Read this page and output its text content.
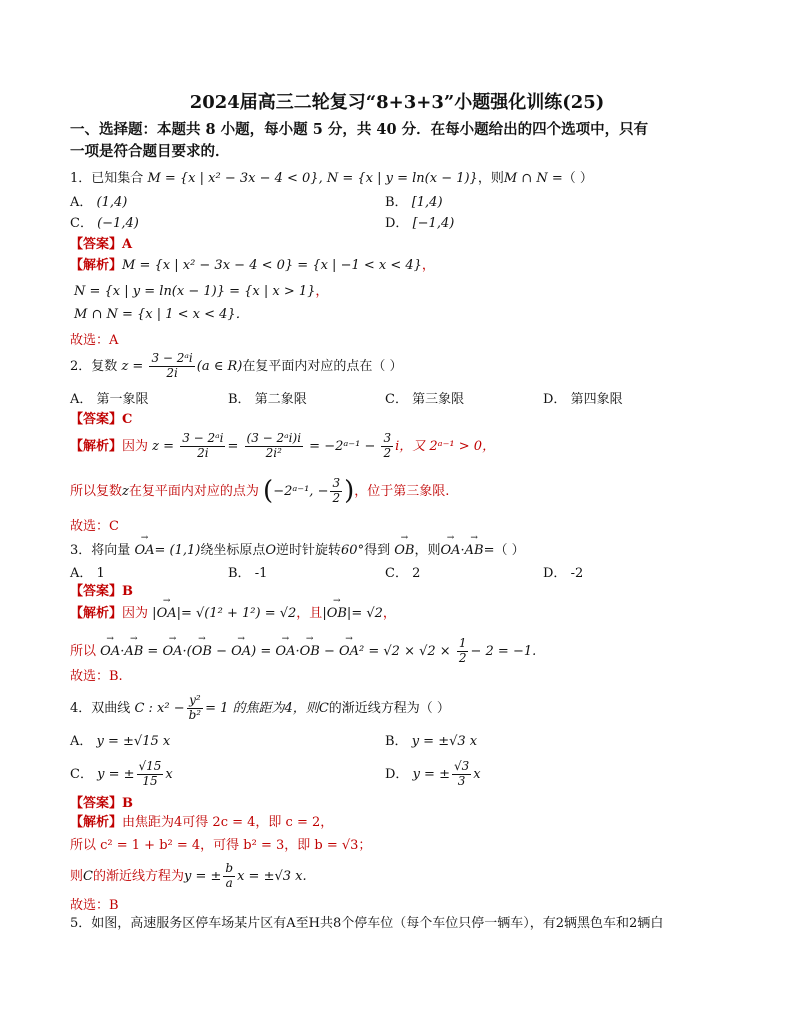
2024届高三二轮复习“8+3+3”小题强化训练(25)
一、选择题：本题共 8 小题，每小题 5 分，共 40 分．在每小题给出的四个选项中，只有
一项是符合题目要求的．
1．已知集合 M = {x | x² − 3x − 4 < 0}, N = {x | y = ln(x − 1)}，则M ∩ N =（ ）
A． (1,4)	B． [1,4)
C． (−1,4)	D． [−1,4)
【答案】A
【解析】M = {x | x² − 3x − 4 < 0} = {x | −1 < x < 4}，
N = {x | y = ln(x − 1)} = {x | x > 1}，
M ∩ N = {x | 1 < x < 4}．
故选：A
2．复数 $z = \frac{\text{3 − 2ᵃi}}{2i} (a$ ∈ R)在复平面内对应的点在（ ）
A． 第一象限	B． 第二象限	C． 第三象限	D． 第四象限
【答案】C
【解析】因为 $z = \frac{\text{3 − 2ᵃi}}{2i} = \frac{\text{(3 − 2ᵃi)i}}{\text{2i²}}$ = −2ᵃ⁻¹ − $\frac{3}{2}$ i，又 2ᵃ⁻¹ > 0，
所以复数z在复平面内对应的点为 (−2ᵃ⁻¹, − $\frac{3}{2}$ )，位于第三象限.
故选：C
3．将向量 → OA= (1,1)绕坐标原点O逆时针旋转60°得到 → OB，则→ OA·→ AB=（ ）
A． 1	B． -1	C． 2	D． -2
【答案】B
【解析】因为 |→ OA|= √(1² + 1²) = √2，且|→ OB|= √2，
所以 → OA·→ AB = → OA·(→ OB − → OA) = → OA·→ OB − → $OA^2 = √2 \times √2 \times \frac{1}{2} - 2 = -1$.
故选：B.
4．双曲线 C : $x^2 - \frac{\text{y²}}{\text{b²}} = 1$ 的焦距为4，则C的渐近线方程为（ ）
A． y = ±√15 x	B． y = ±√3 x
C． y = ± $\frac{√15}{15}$ x	D． y = ± $\frac{√3}{3}$ x
【答案】B
【解析】由焦距为4可得 2c = 4，即 c = 2，
所以 c² = 1 + b² = 4，可得 b² = 3，即 b = √3；
则C的渐近线方程为y = ± $\frac{b}{a}$ x = ±√3 x.
故选：B
5．如图，高速服务区停车场某片区有A至H共8个停车位（每个车位只停一辆车），有2辆黑色车和2辆白
